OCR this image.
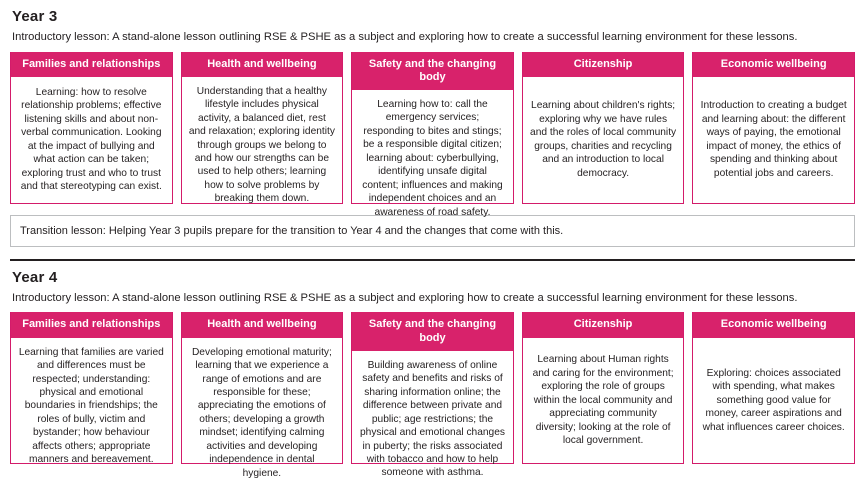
Year 3
Introductory lesson: A stand-alone lesson outlining RSE & PSHE as a subject and exploring how to create a successful learning environment for these lessons.
Families and relationships
Learning: how to resolve relationship problems; effective listening skills and about non-verbal communication. Looking at the impact of bullying and what action can be taken; exploring trust and who to trust and that stereotyping can exist.
Health and wellbeing
Understanding that a healthy lifestyle includes physical activity, a balanced diet, rest and relaxation; exploring identity through groups we belong to and how our strengths can be used to help others; learning how to solve problems by breaking them down.
Safety and the changing body
Learning how to: call the emergency services; responding to bites and stings; be a responsible digital citizen; learning about: cyberbullying, identifying unsafe digital content; influences and making independent choices and an awareness of road safety.
Citizenship
Learning about children's rights; exploring why we have rules and the roles of local community groups, charities and recycling and an introduction to local democracy.
Economic wellbeing
Introduction to creating a budget and learning about: the different ways of paying, the emotional impact of money, the ethics of spending and thinking about potential jobs and careers.
Transition lesson: Helping Year 3 pupils prepare for the transition to Year 4 and the changes that come with this.
Year 4
Introductory lesson: A stand-alone lesson outlining RSE & PSHE as a subject and exploring how to create a successful learning environment for these lessons.
Families and relationships
Learning that families are varied and differences must be respected; understanding: physical and emotional boundaries in friendships; the roles of bully, victim and bystander; how behaviour affects others; appropriate manners and bereavement.
Health and wellbeing
Developing emotional maturity; learning that we experience a range of emotions and are responsible for these; appreciating the emotions of others; developing a growth mindset; identifying calming activities and developing independence in dental hygiene.
Safety and the changing body
Building awareness of online safety and benefits and risks of sharing information online; the difference between private and public; age restrictions; the physical and emotional changes in puberty; the risks associated with tobacco and how to help someone with asthma.
Citizenship
Learning about Human rights and caring for the environment; exploring the role of groups within the local community and appreciating community diversity; looking at the role of local government.
Economic wellbeing
Exploring: choices associated with spending, what makes something good value for money, career aspirations and what influences career choices.
